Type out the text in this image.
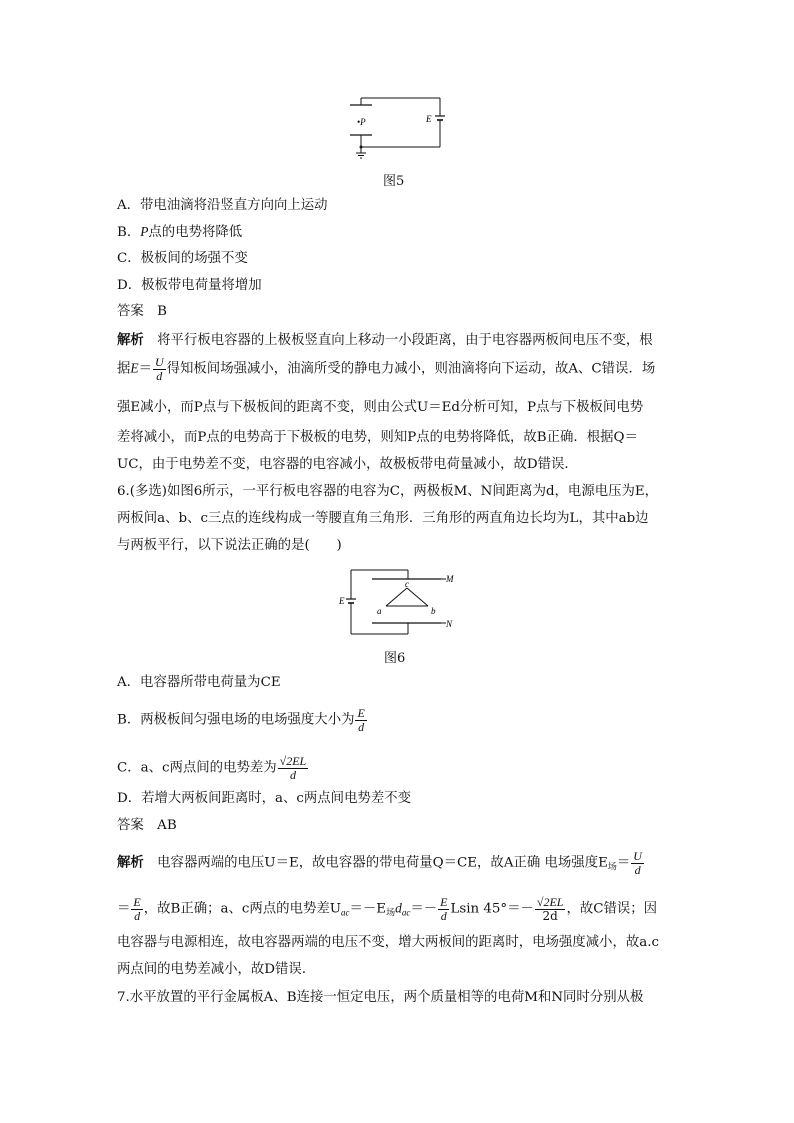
•P	E
图5
A．带电油滴将沿竖直方向向上运动
B．P点的电势将降低
C．极板间的场强不变
D．极板带电荷量将增加
答案　 B
解析　 将平行板电容器的上极板竖直向上移动一小段距离，由于电容器两板间电压不变，根
据$E= \frac{U}{d}$ 得知板间场强减小，油滴所受的静电力减小，则油滴将向下运动，故A、C错误．场
强E减小，而P点与下极板间的距离不变，则由公式U＝Ed分析可知，P点与下极板间电势
差将减小，而P点的电势高于下极板的电势，则知P点的电势将降低，故B正确．根据Q＝
UC，由于电势差不变，电容器的电容减小，故极板带电荷量减小，故D错误．
6.(多选)如图6所示，一平行板电容器的电容为C，两极板M、N间距离为d，电源电压为E，
两板间a、b、c三点的连线构成一等腰直角三角形．三角形的两直角边长均为L，其中ab边
与两板平行，以下说法正确的是(　　)
M
N
E
a	b
c
图6
A．电容器所带电荷量为CE
B．两极板间匀强电场的电场强度大小为 $\frac{E}{d}$
C．a、c两点间的电势差为 $\frac{√2EL}{d}$
D．若增大两板间距离时，a、c两点间电势差不变
答案　 AB
解析　 电容器两端的电压U＝E，故电容器的带电荷量Q＝CE，故A正确 电场强度$E_场= \frac{U}{d}$
＝ $\frac{E}{d}$ ，故B正确；a、c两点的电势差$U_{ac}=-E_场d_{ac}=- \frac{E}{d}$ Lsin $45^\circ=- \frac{√2EL}{2d}$ ，故C错误；因
电容器与电源相连，故电容器两端的电压不变，增大两板间的距离时，电场强度减小，故a.c
两点间的电势差减小，故D错误．
7.水平放置的平行金属板A、B连接一恒定电压，两个质量相等的电荷M和N同时分别从极
